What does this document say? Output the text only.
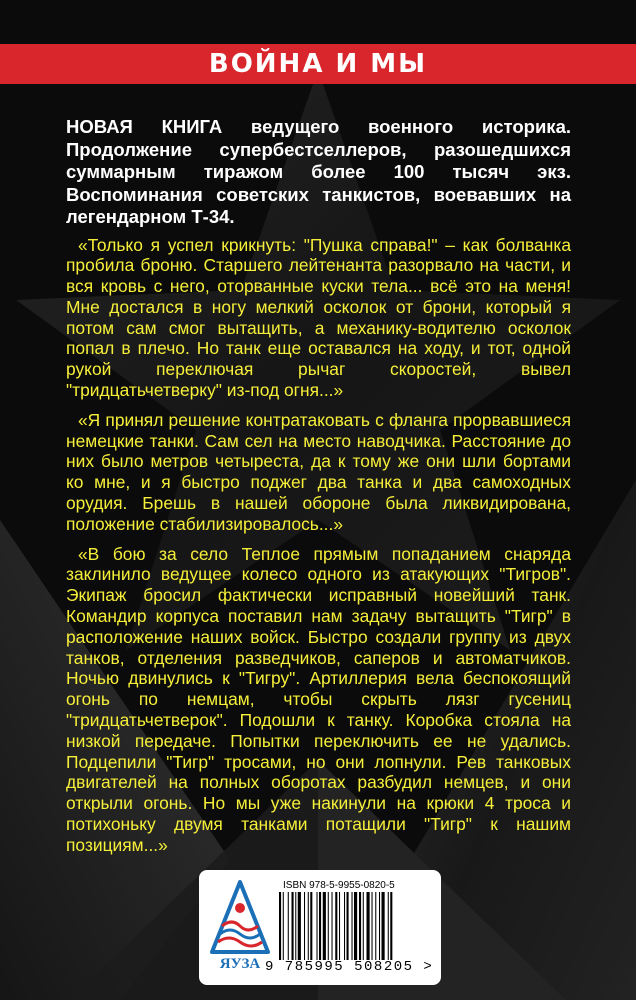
ВОЙНА И МЫ

НОВАЯ КНИГА ведущего военного историка. Продолжение супербестселлеров, разошедшихся суммарным тиражом более 100 тысяч экз. Воспоминания советских танкистов, воевавших на легендарном Т-34.

«Только я успел крикнуть: "Пушка справа!" – как болванка пробила броню. Старшего лейтенанта разорвало на части, и вся кровь с него, оторванные куски тела... всё это на меня! Мне достался в ногу мелкий осколок от брони, который я потом сам смог вытащить, а механику-водителю осколок попал в плечо. Но танк еще оставался на ходу, и тот, одной рукой переключая рычаг скоростей, вывел "тридцатьчетверку" из-под огня...»

«Я принял решение контратаковать с фланга прорвавшиеся немецкие танки. Сам сел на место наводчика. Расстояние до них было метров четыреста, да к тому же они шли бортами ко мне, и я быстро поджег два танка и два самоходных орудия. Брешь в нашей обороне была ликвидирована, положение стабилизировалось...»

«В бою за село Теплое прямым попаданием снаряда заклинило ведущее колесо одного из атакующих "Тигров". Экипаж бросил фактически исправный новейший танк. Командир корпуса поставил нам задачу вытащить "Тигр" в расположение наших войск. Быстро создали группу из двух танков, отделения разведчиков, саперов и автоматчиков. Ночью двинулись к "Тигру". Артиллерия вела беспокоящий огонь по немцам, чтобы скрыть лязг гусениц "тридцатьчетверок". Подошли к танку. Коробка стояла на низкой передаче. Попытки переключить ее не удались. Подцепили "Тигр" тросами, но они лопнули. Рев танковых двигателей на полных оборотах разбудил немцев, и они открыли огонь. Но мы уже накинули на крюки 4 троса и потихоньку двумя танками потащили "Тигр" к нашим позициям...»

ЯУЗА
ISBN 978-5-9955-0820-5
9 785995 508205 >
